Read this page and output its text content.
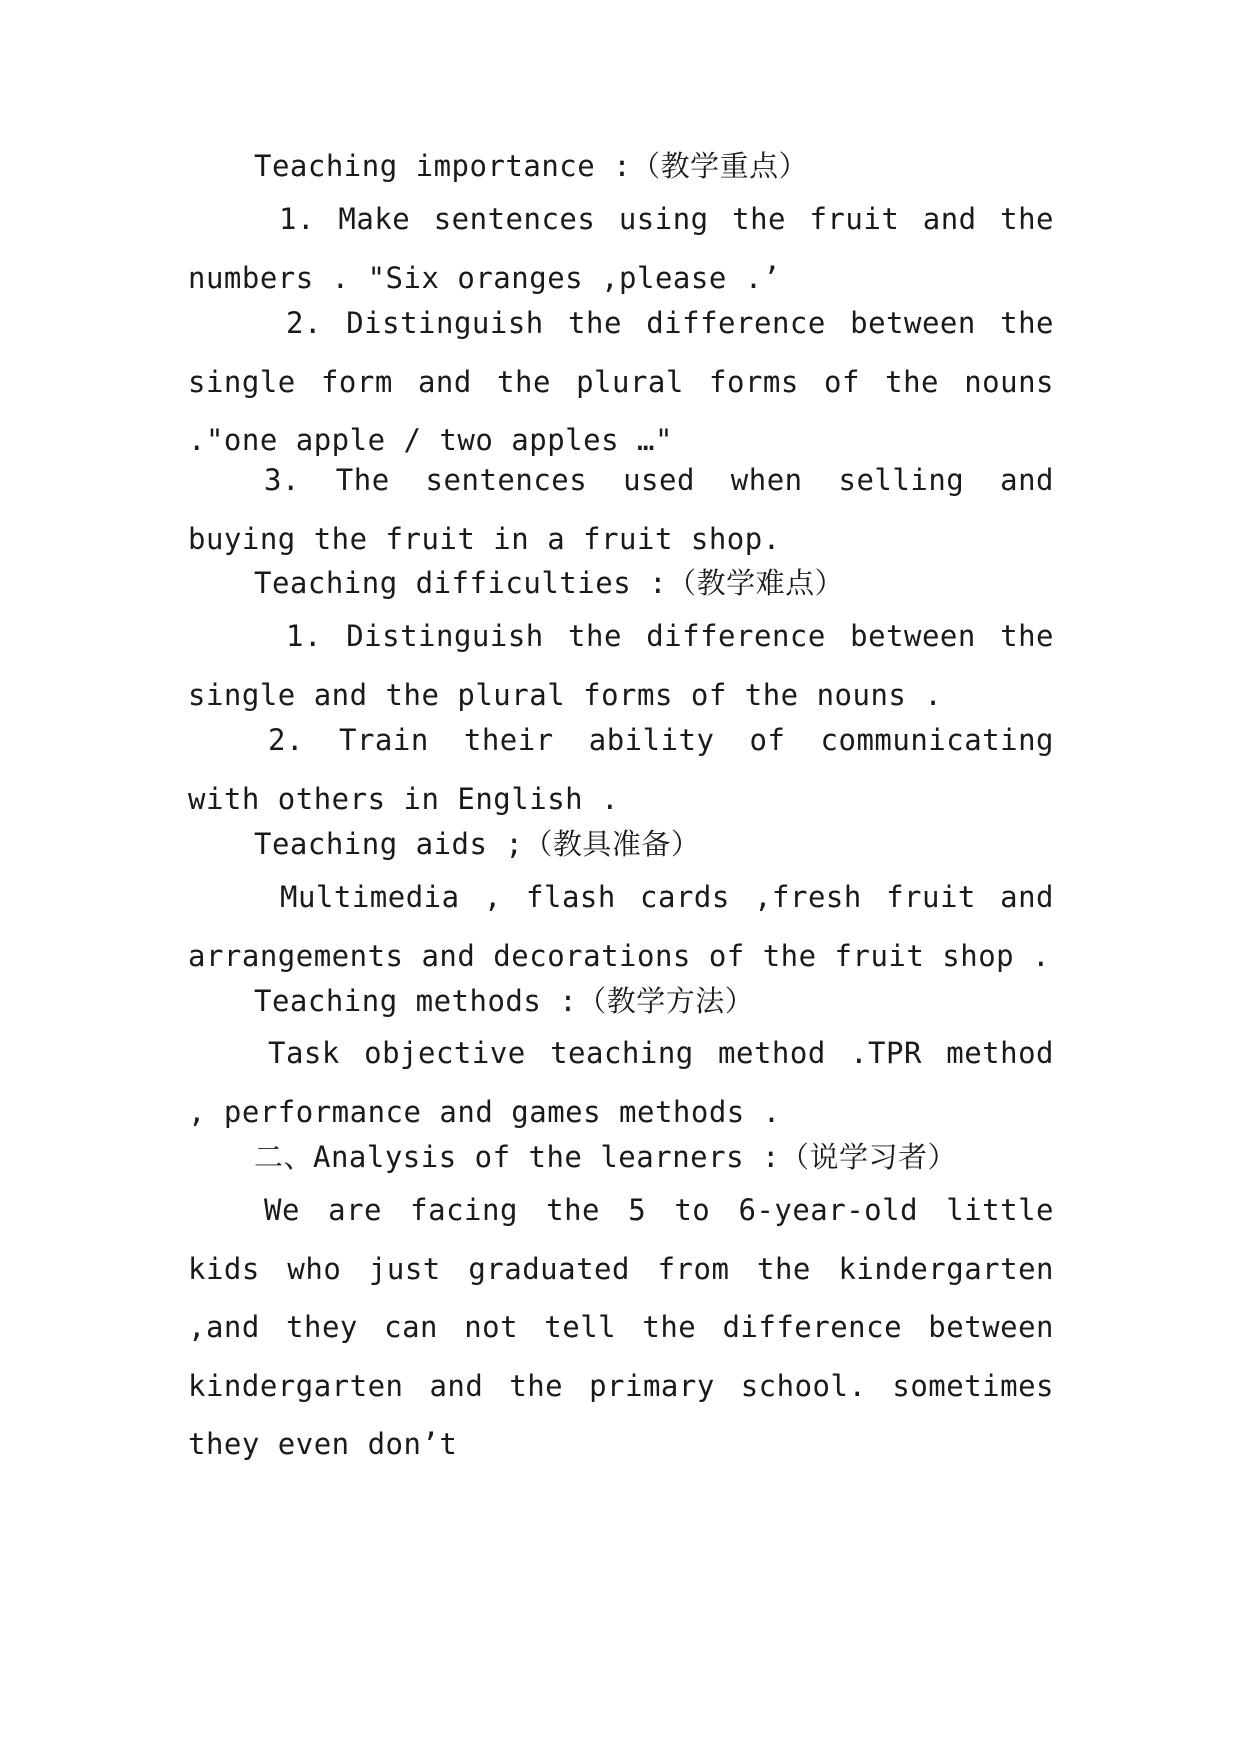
Teaching importance :（教学重点）

1. Make sentences using the fruit and the numbers . "Six oranges ,please .’

2. Distinguish the difference between the single form and the plural forms of the nouns ."one apple / two apples …"

3. The sentences used when selling and buying the fruit in a fruit shop.

Teaching difficulties :（教学难点）

1. Distinguish the difference between the single and the plural forms of the nouns .

2. Train their ability of communicating with others in English .

Teaching aids ;（教具准备）

Multimedia , flash cards ,fresh fruit and arrangements and decorations of the fruit shop .

Teaching methods :（教学方法）

Task objective teaching method .TPR method , performance and games methods .

二、Analysis of the learners :（说学习者）

We are facing the 5 to 6-year-old little kids who just graduated from the kindergarten ,and they can not tell the difference between kindergarten and the primary school. sometimes they even don’t
